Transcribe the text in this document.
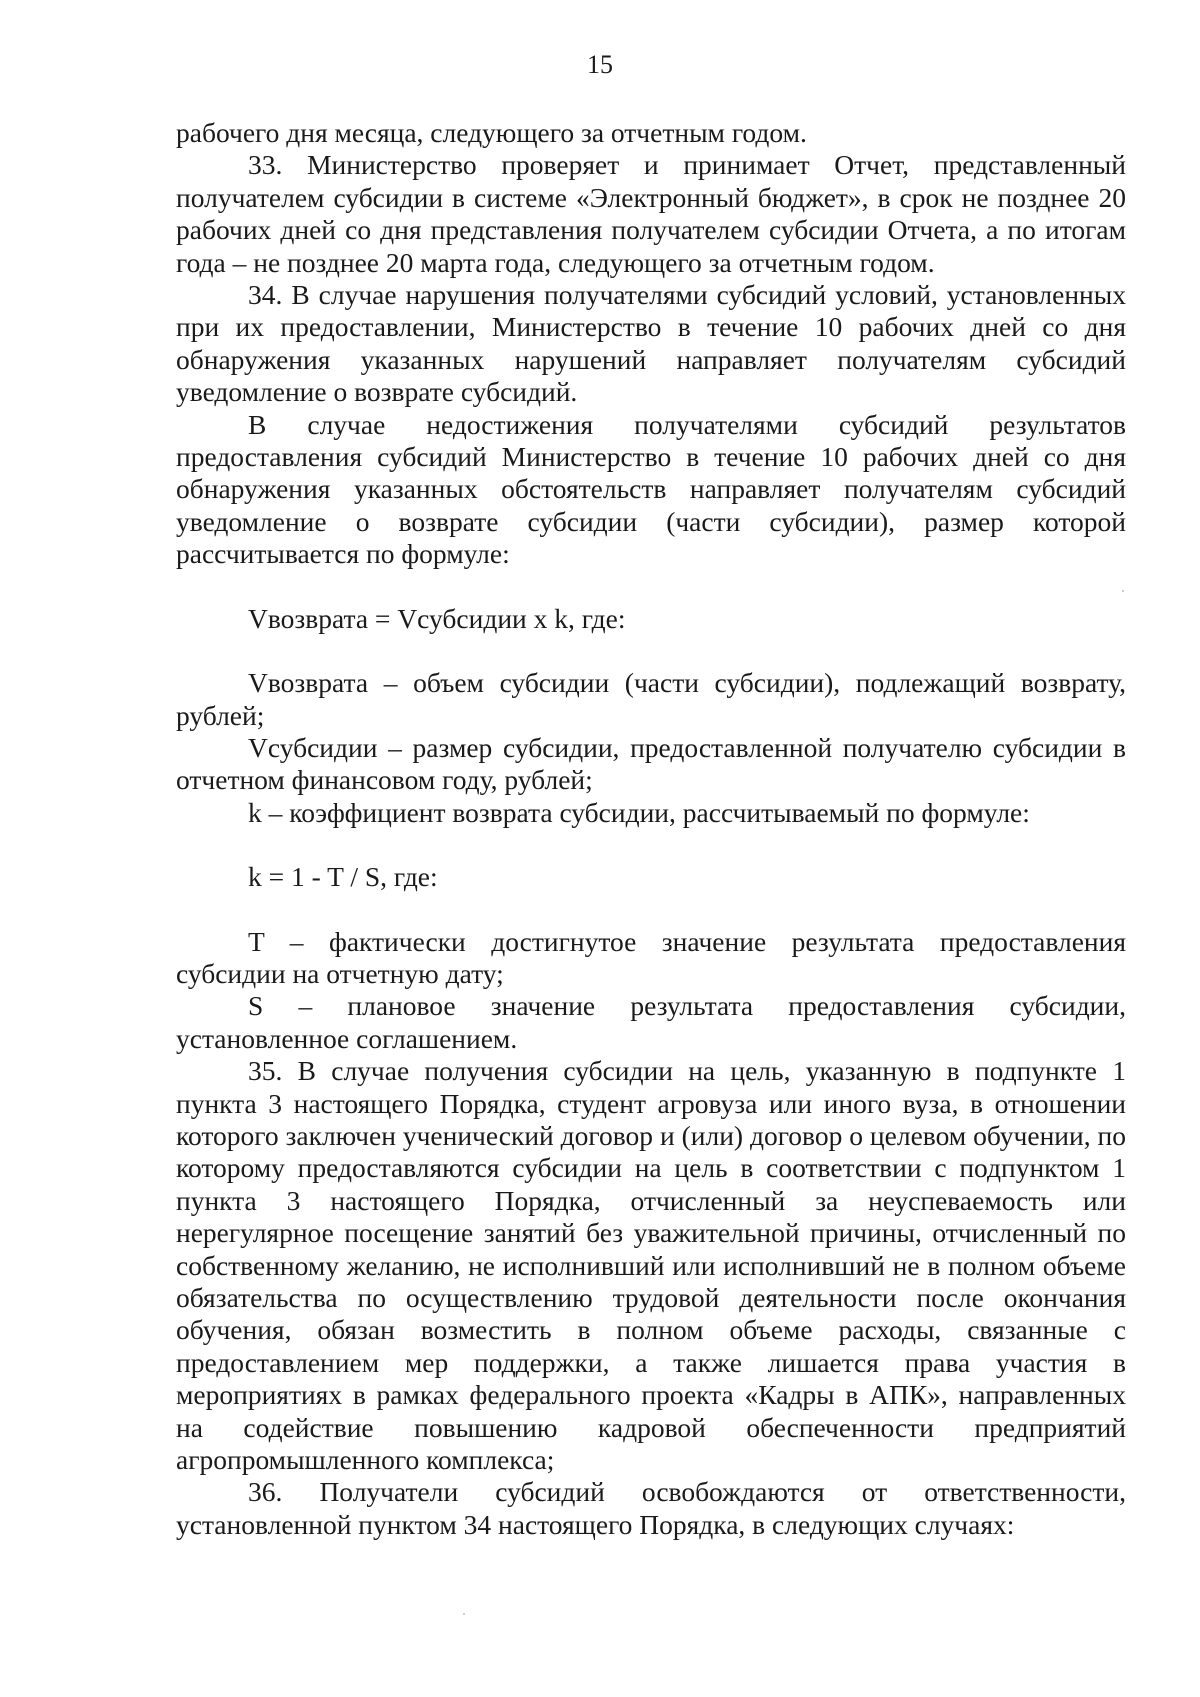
15

рабочего дня месяца, следующего за отчетным годом.

33. Министерство проверяет и принимает Отчет, представленный получателем субсидии в системе «Электронный бюджет», в срок не позднее 20 рабочих дней со дня представления получателем субсидии Отчета, а по итогам года – не позднее 20 марта года, следующего за отчетным годом.

34. В случае нарушения получателями субсидий условий, установленных при их предоставлении, Министерство в течение 10 рабочих дней со дня обнаружения указанных нарушений направляет получателям субсидий уведомление о возврате субсидий.

В случае недостижения получателями субсидий результатов предоставления субсидий Министерство в течение 10 рабочих дней со дня обнаружения указанных обстоятельств направляет получателям субсидий уведомление о возврате субсидии (части субсидии), размер которой рассчитывается по формуле:

Vвозврата = Vсубсидии x k, где:

Vвозврата – объем субсидии (части субсидии), подлежащий возврату, рублей;

Vсубсидии – размер субсидии, предоставленной получателю субсидии в отчетном финансовом году, рублей;

k – коэффициент возврата субсидии, рассчитываемый по формуле:

k = 1 - T / S, где:

T – фактически достигнутое значение результата предоставления субсидии на отчетную дату;

S – плановое значение результата предоставления субсидии, установленное соглашением.

35. В случае получения субсидии на цель, указанную в подпункте 1 пункта 3 настоящего Порядка, студент агровуза или иного вуза, в отношении которого заключен ученический договор и (или) договор о целевом обучении, по которому предоставляются субсидии на цель в соответствии с подпунктом 1 пункта 3 настоящего Порядка, отчисленный за неуспеваемость или нерегулярное посещение занятий без уважительной причины, отчисленный по собственному желанию, не исполнивший или исполнивший не в полном объеме обязательства по осуществлению трудовой деятельности после окончания обучения, обязан возместить в полном объеме расходы, связанные с предоставлением мер поддержки, а также лишается права участия в мероприятиях в рамках федерального проекта «Кадры в АПК», направленных на содействие повышению кадровой обеспеченности предприятий агропромышленного комплекса;

36. Получатели субсидий освобождаются от ответственности, установленной пунктом 34 настоящего Порядка, в следующих случаях:
